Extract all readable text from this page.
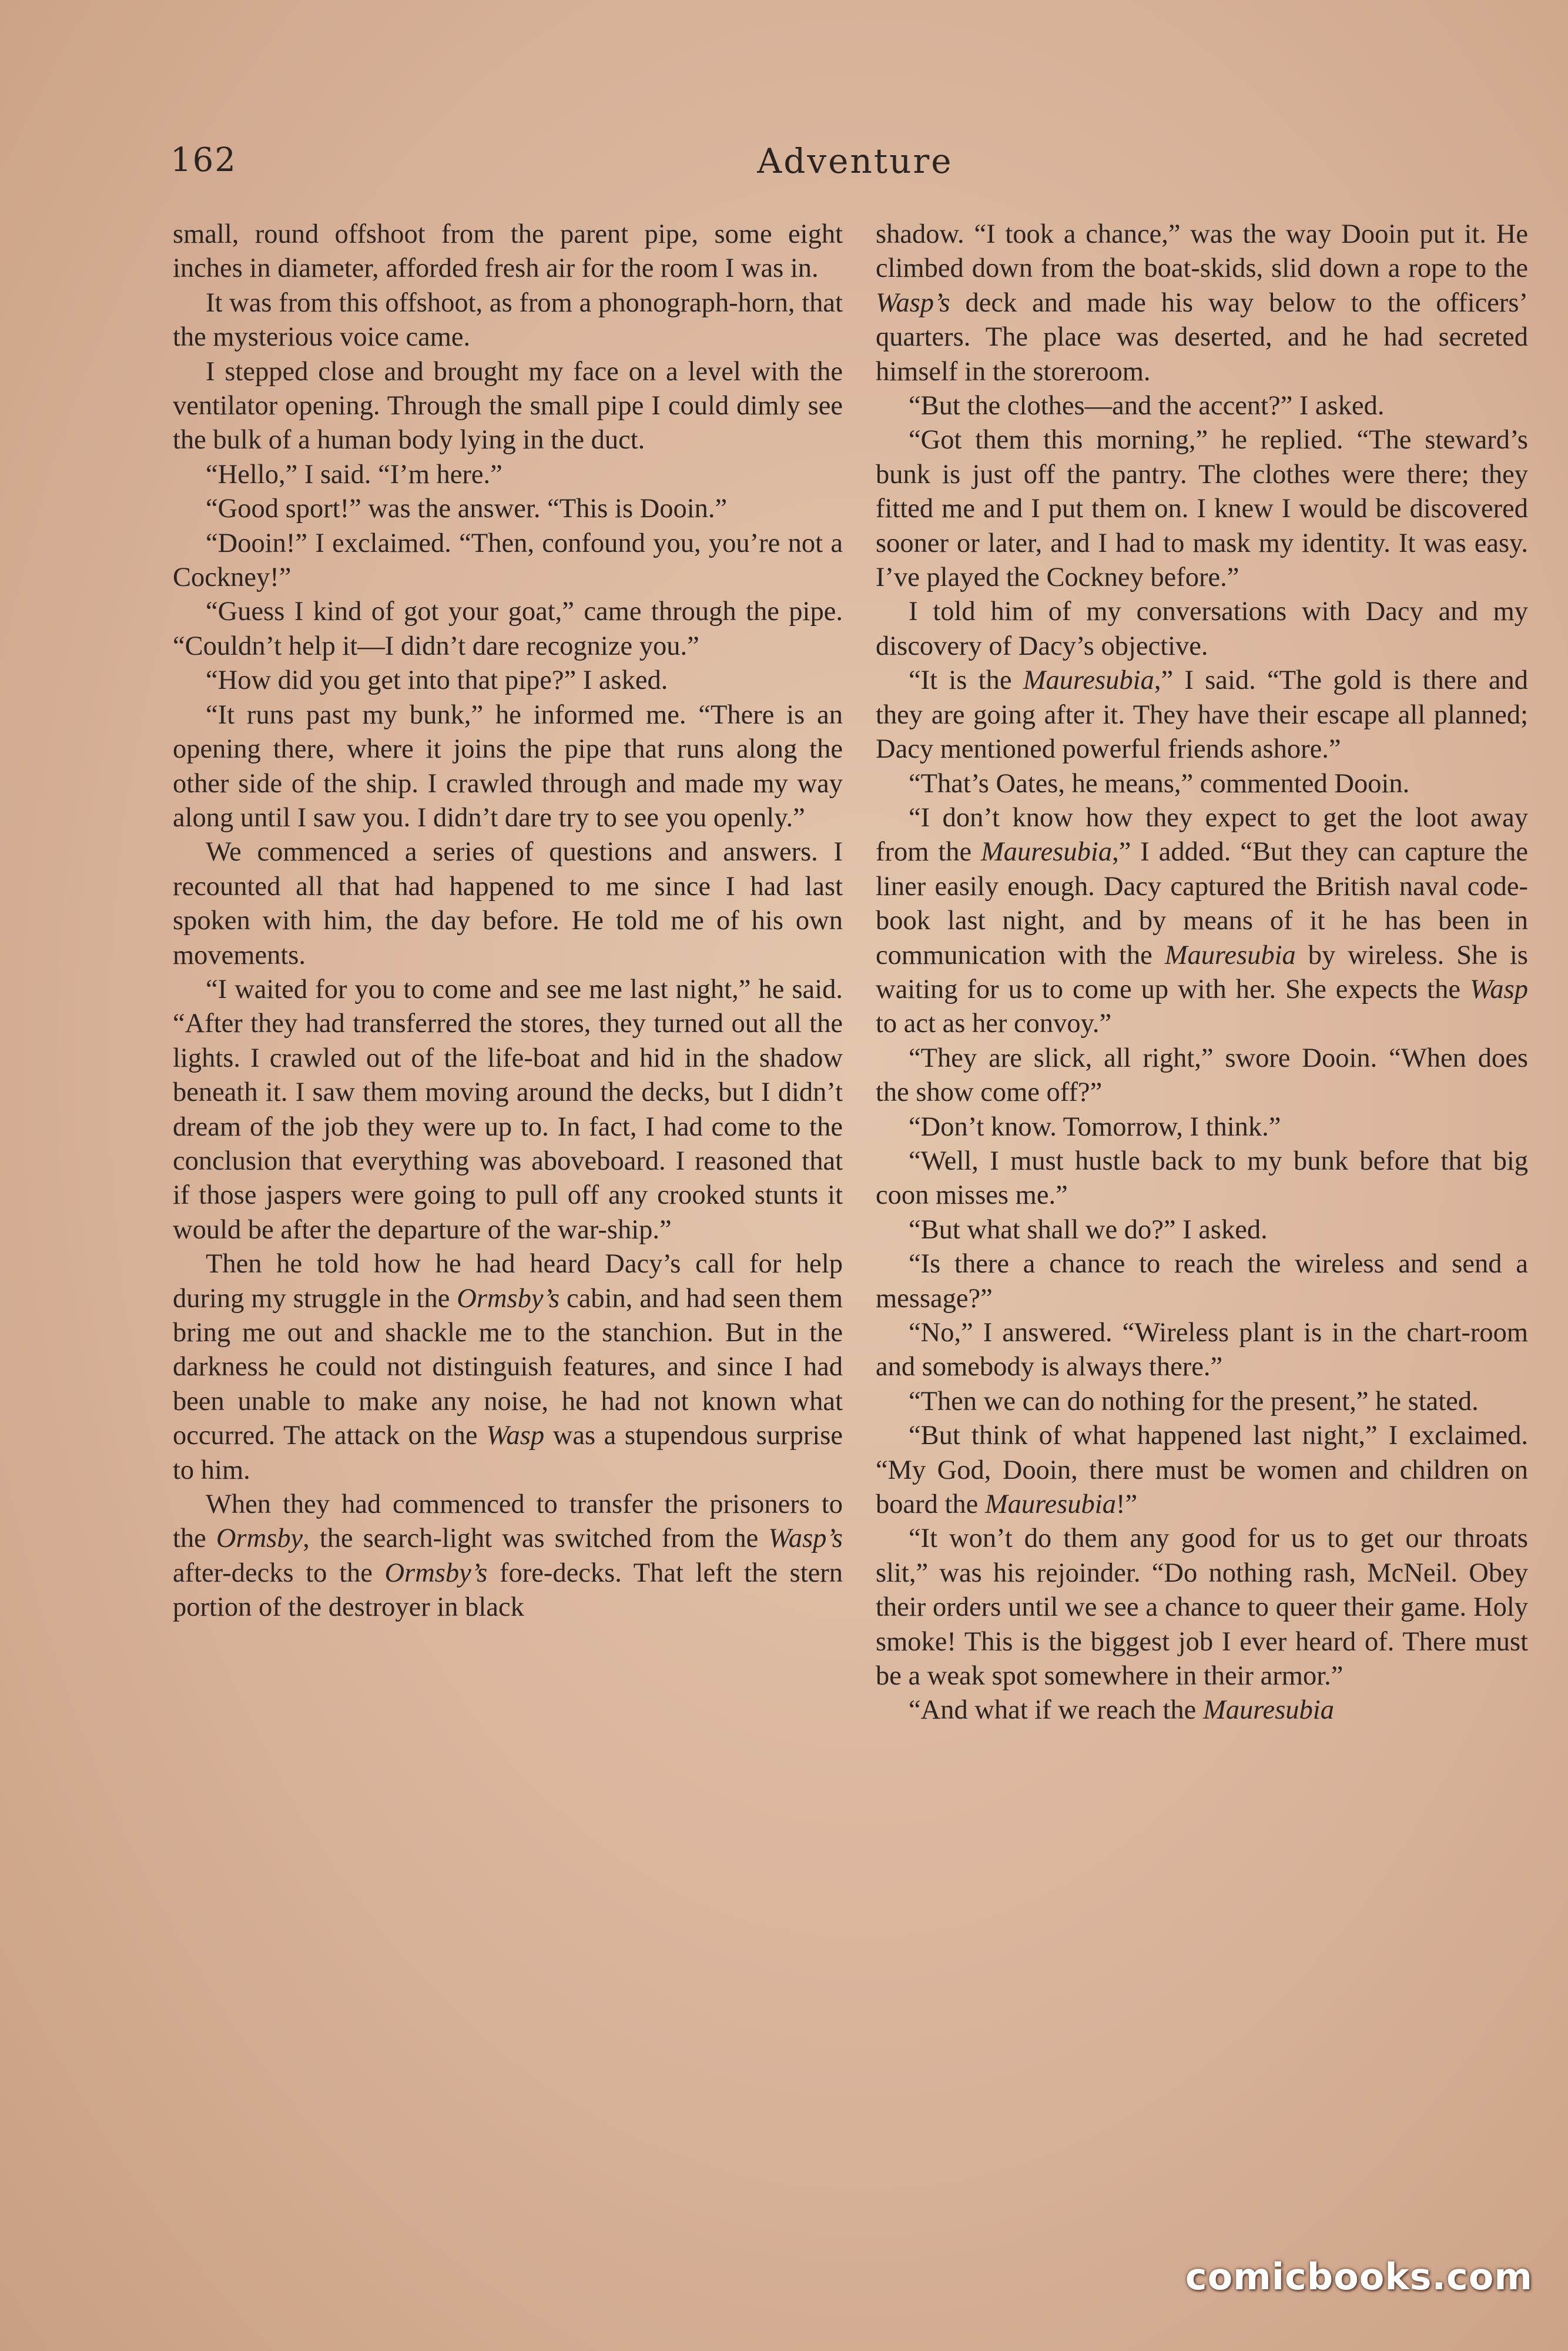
162	Adventure

small, round offshoot from the parent pipe, some eight inches in diameter, afforded fresh air for the room I was in.

It was from this offshoot, as from a phonograph-horn, that the mysterious voice came.

I stepped close and brought my face on a level with the ventilator opening. Through the small pipe I could dimly see the bulk of a human body lying in the duct.

“Hello,” I said. “I’m here.”

“Good sport!” was the answer. “This is Dooin.”

“Dooin!” I exclaimed. “Then, confound you, you’re not a Cockney!”

“Guess I kind of got your goat,” came through the pipe. “Couldn’t help it—I didn’t dare recognize you.”

“How did you get into that pipe?” I asked.

“It runs past my bunk,” he informed me. “There is an opening there, where it joins the pipe that runs along the other side of the ship. I crawled through and made my way along until I saw you. I didn’t dare try to see you openly.”

We commenced a series of questions and answers. I recounted all that had happened to me since I had last spoken with him, the day before. He told me of his own movements.

“I waited for you to come and see me last night,” he said. “After they had transferred the stores, they turned out all the lights. I crawled out of the life-boat and hid in the shadow beneath it. I saw them moving around the decks, but I didn’t dream of the job they were up to. In fact, I had come to the conclusion that everything was aboveboard. I reasoned that if those jaspers were going to pull off any crooked stunts it would be after the departure of the war-ship.”

Then he told how he had heard Dacy’s call for help during my struggle in the Ormsby’s cabin, and had seen them bring me out and shackle me to the stanchion. But in the darkness he could not distinguish features, and since I had been unable to make any noise, he had not known what occurred. The attack on the Wasp was a stupendous surprise to him.

When they had commenced to transfer the prisoners to the Ormsby, the search-light was switched from the Wasp’s after-decks to the Ormsby’s fore-decks. That left the stern portion of the destroyer in black

shadow. “I took a chance,” was the way Dooin put it. He climbed down from the boat-skids, slid down a rope to the Wasp’s deck and made his way below to the officers’ quarters. The place was deserted, and he had secreted himself in the storeroom.

“But the clothes—and the accent?” I asked.

“Got them this morning,” he replied. “The steward’s bunk is just off the pantry. The clothes were there; they fitted me and I put them on. I knew I would be discovered sooner or later, and I had to mask my identity. It was easy. I’ve played the Cockney before.”

I told him of my conversations with Dacy and my discovery of Dacy’s objective.

“It is the Mauresubia,” I said. “The gold is there and they are going after it. They have their escape all planned; Dacy mentioned powerful friends ashore.”

“That’s Oates, he means,” commented Dooin.

“I don’t know how they expect to get the loot away from the Mauresubia,” I added. “But they can capture the liner easily enough. Dacy captured the British naval code-book last night, and by means of it he has been in communication with the Mauresubia by wireless. She is waiting for us to come up with her. She expects the Wasp to act as her convoy.”

“They are slick, all right,” swore Dooin. “When does the show come off?”

“Don’t know. Tomorrow, I think.”

“Well, I must hustle back to my bunk before that big coon misses me.”

“But what shall we do?” I asked.

“Is there a chance to reach the wireless and send a message?”

“No,” I answered. “Wireless plant is in the chart-room and somebody is always there.”

“Then we can do nothing for the present,” he stated.

“But think of what happened last night,” I exclaimed. “My God, Dooin, there must be women and children on board the Mauresubia!”

“It won’t do them any good for us to get our throats slit,” was his rejoinder. “Do nothing rash, McNeil. Obey their orders until we see a chance to queer their game. Holy smoke! This is the biggest job I ever heard of. There must be a weak spot somewhere in their armor.”

“And what if we reach the Mauresubia

comicbooks.com
